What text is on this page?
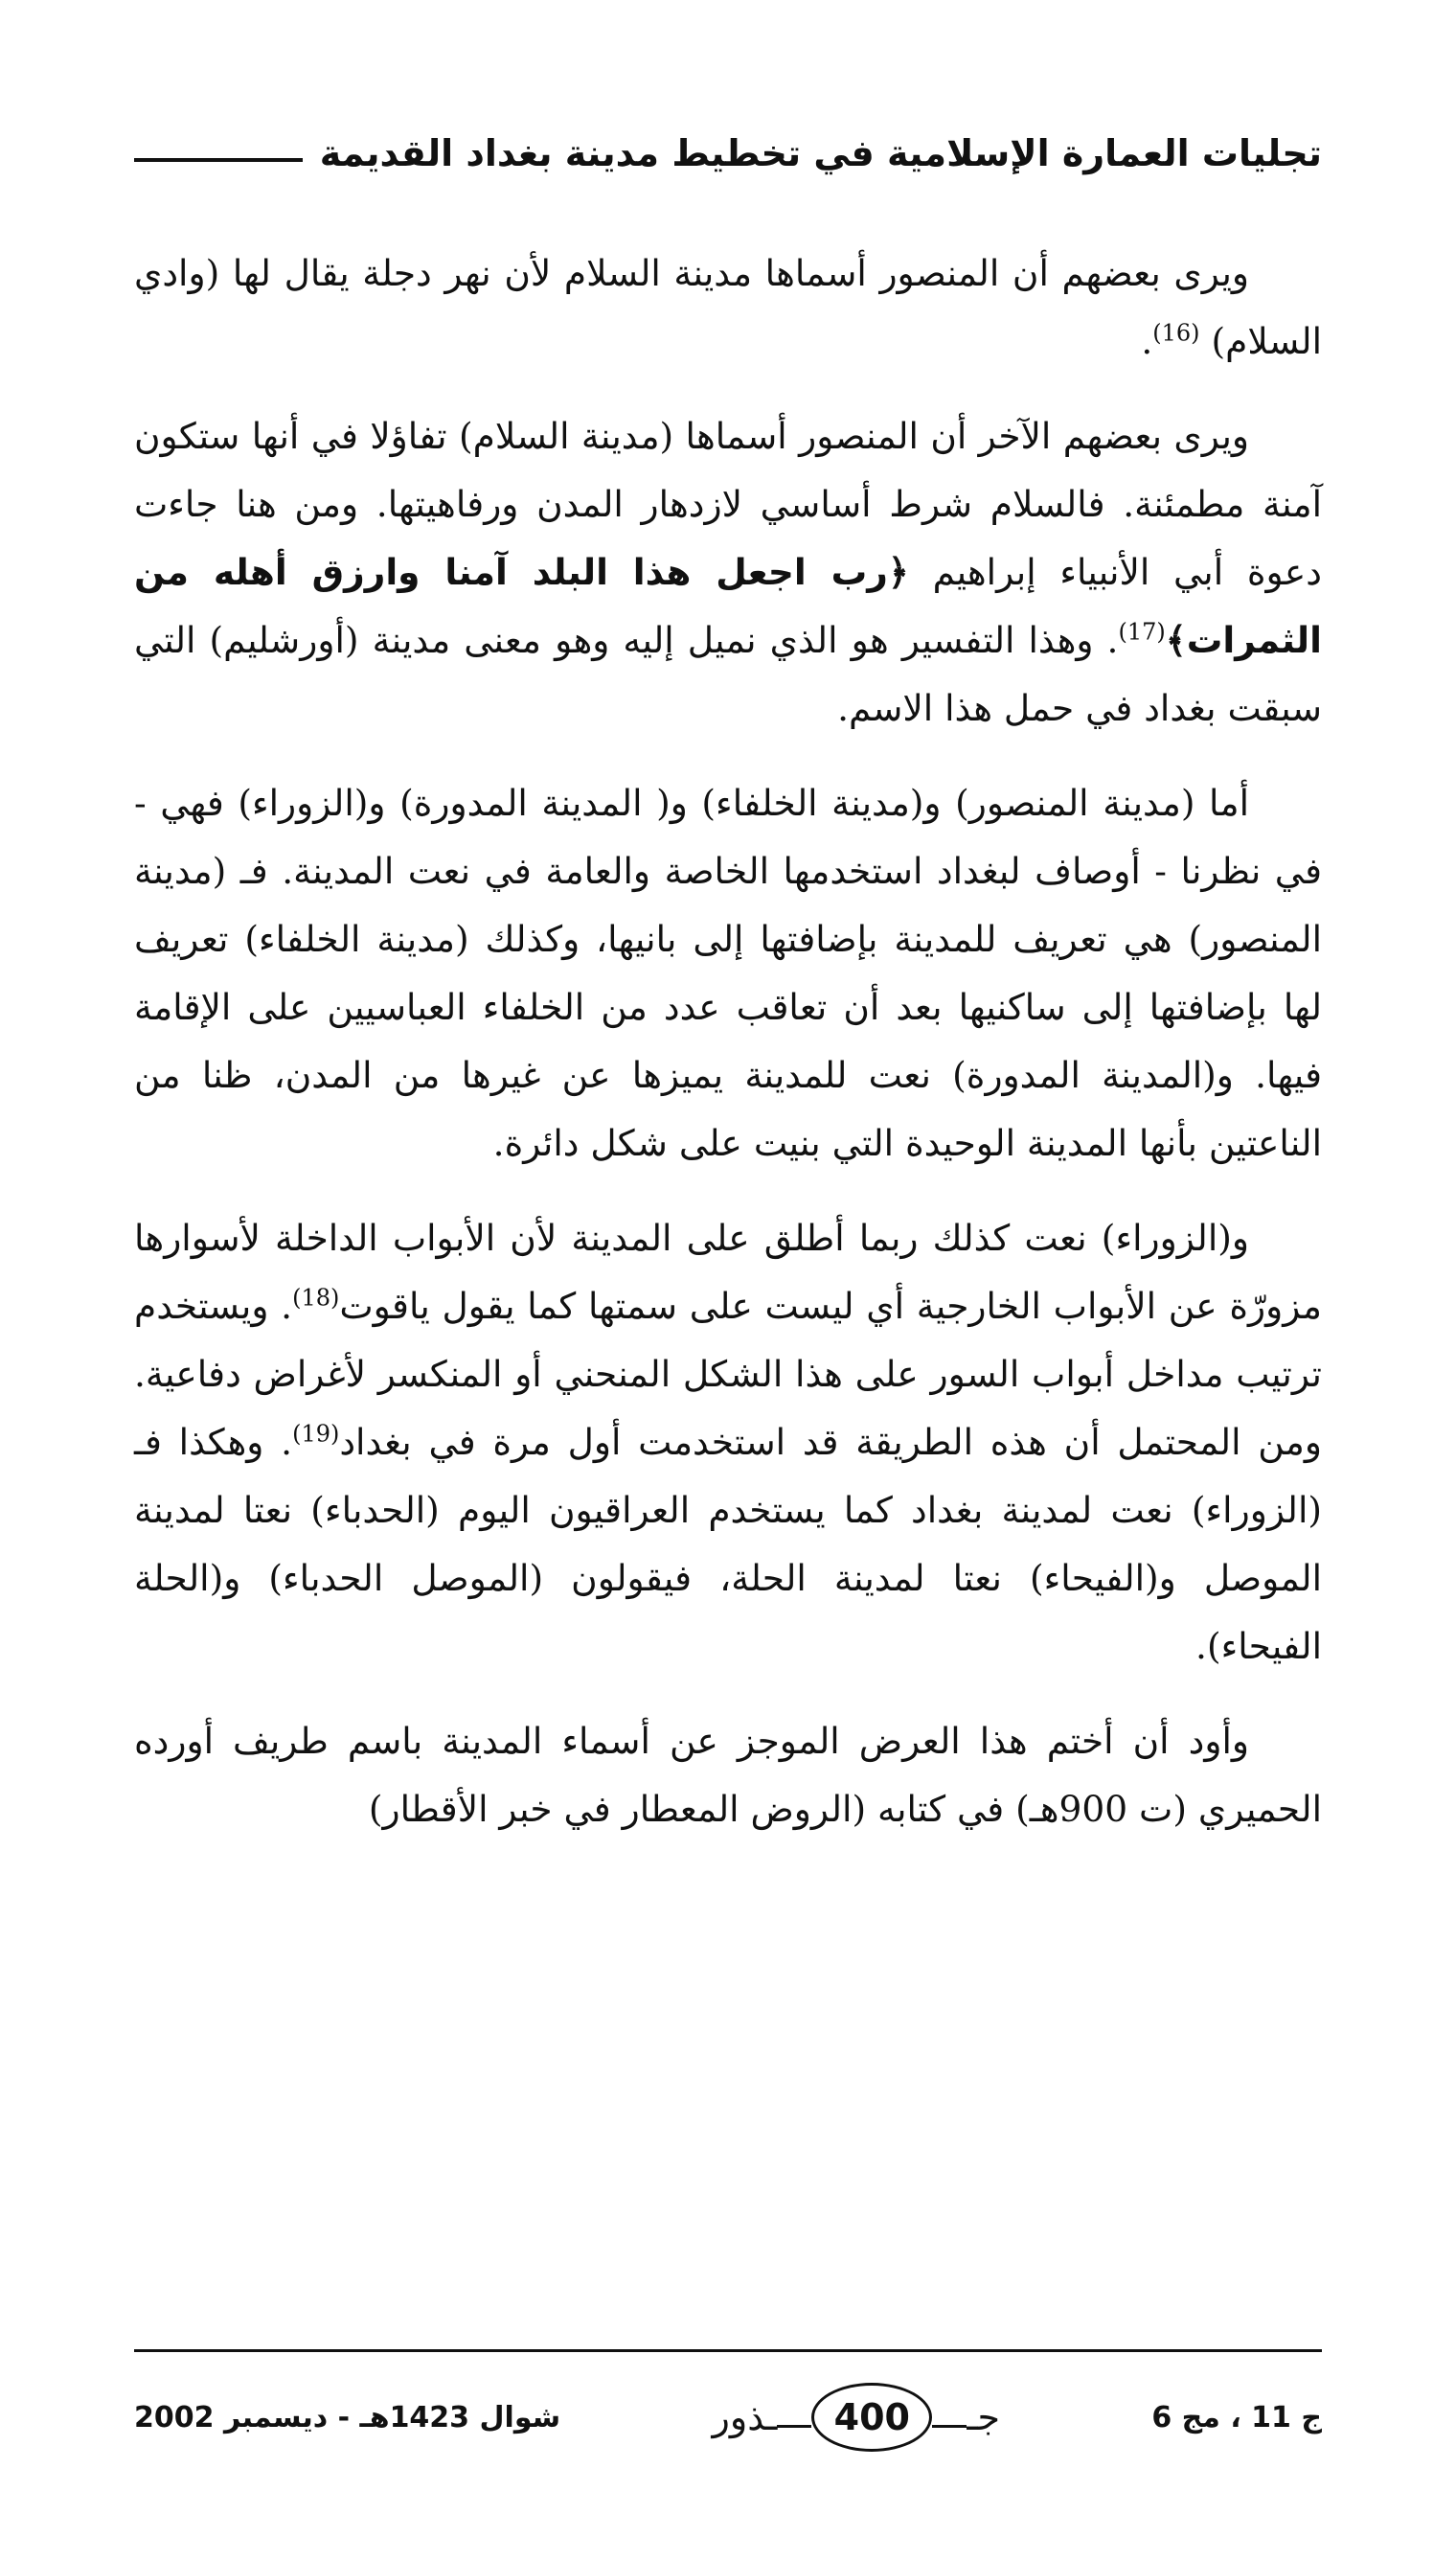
تجليات العمارة الإسلامية في تخطيط مدينة بغداد القديمة

ويرى بعضهم أن المنصور أسماها مدينة السلام لأن نهر دجلة يقال لها (وادي السلام) $^{(16)}$.

ويرى بعضهم الآخر أن المنصور أسماها (مدينة السلام) تفاؤلا في أنها ستكون آمنة مطمئنة. فالسلام شرط أساسي لازدهار المدن ورفاهيتها. ومن هنا جاءت دعوة أبي الأنبياء إبراهيم ﴿رب اجعل هذا البلد آمنا وارزق أهله من الثمرات﴾$^{(17)}$. وهذا التفسير هو الذي نميل إليه وهو معنى مدينة (أورشليم) التي سبقت بغداد في حمل هذا الاسم.

أما (مدينة المنصور) و(مدينة الخلفاء) و( المدينة المدورة) و(الزوراء) فهي - في نظرنا - أوصاف لبغداد استخدمها الخاصة والعامة في نعت المدينة. فـ (مدينة المنصور) هي تعريف للمدينة بإضافتها إلى بانيها، وكذلك (مدينة الخلفاء) تعريف لها بإضافتها إلى ساكنيها بعد أن تعاقب عدد من الخلفاء العباسيين على الإقامة فيها. و(المدينة المدورة) نعت للمدينة يميزها عن غيرها من المدن، ظنا من الناعتين بأنها المدينة الوحيدة التي بنيت على شكل دائرة.

و(الزوراء) نعت كذلك ربما أطلق على المدينة لأن الأبواب الداخلة لأسوارها مزورّة عن الأبواب الخارجية أي ليست على سمتها كما يقول ياقوت$^{(18)}$. ويستخدم ترتيب مداخل أبواب السور على هذا الشكل المنحني أو المنكسر لأغراض دفاعية. ومن المحتمل أن هذه الطريقة قد استخدمت أول مرة في بغداد$^{(19)}$. وهكذا فـ (الزوراء) نعت لمدينة بغداد كما يستخدم العراقيون اليوم (الحدباء) نعتا لمدينة الموصل و(الفيحاء) نعتا لمدينة الحلة، فيقولون (الموصل الحدباء) و(الحلة الفيحاء).

وأود أن أختم هذا العرض الموجز عن أسماء المدينة باسم طريف أورده الحميري (ت 900هـ) في كتابه (الروض المعطار في خبر الأقطار)

ج 11 ، مج 6
جـ
400
ـذور
شوال 1423هـ - ديسمبر 2002
